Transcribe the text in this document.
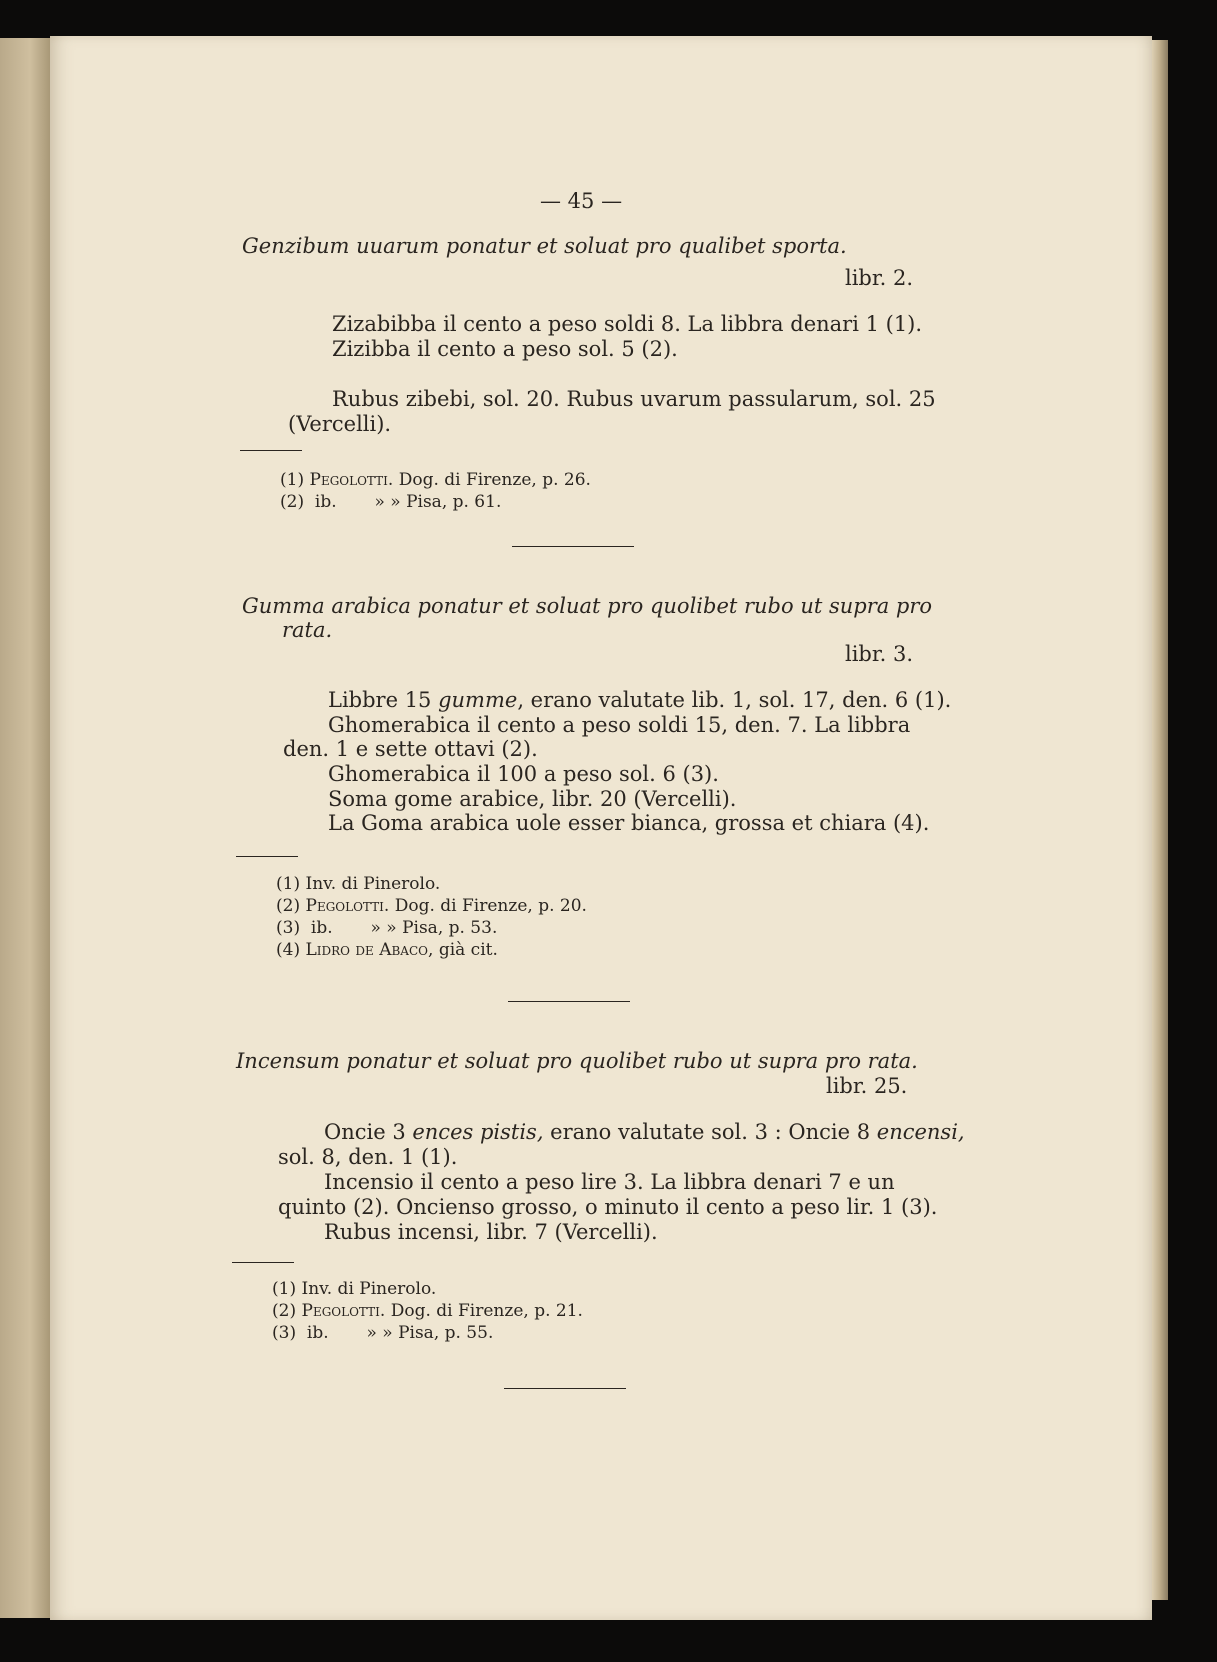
— 45 —
Genzibum uuarum ponatur et soluat pro qualibet sporta.
libr. 2.
Zizabibba il cento a peso soldi 8. La libbra denari 1 (1).
Zizibba il cento a peso sol. 5 (2).
Rubus zibebi, sol. 20. Rubus uvarum passularum, sol. 25
(Vercelli).
(1) Pegolotti. Dog. di Firenze, p. 26.
(2) ib. » » Pisa, p. 61.
Gumma arabica ponatur et soluat pro quolibet rubo ut supra pro
rata.
libr. 3.
Libbre 15 gumme, erano valutate lib. 1, sol. 17, den. 6 (1).
Ghomerabica il cento a peso soldi 15, den. 7. La libbra
den. 1 e sette ottavi (2).
Ghomerabica il 100 a peso sol. 6 (3).
Soma gome arabice, libr. 20 (Vercelli).
La Goma arabica uole esser bianca, grossa et chiara (4).
(1) Inv. di Pinerolo.
(2) Pegolotti. Dog. di Firenze, p. 20.
(3) ib. » » Pisa, p. 53.
(4) Lidro de Abaco, già cit.
Incensum ponatur et soluat pro quolibet rubo ut supra pro rata.
libr. 25.
Oncie 3 ences pistis, erano valutate sol. 3 : Oncie 8 encensi,
sol. 8, den. 1 (1).
Incensio il cento a peso lire 3. La libbra denari 7 e un
quinto (2). Onciensо grosso, o minuto il cento a peso lir. 1 (3).
Rubus incensi, libr. 7 (Vercelli).
(1) Inv. di Pinerolo.
(2) Pegolotti. Dog. di Firenze, p. 21.
(3) ib. » » Pisa, p. 55.
